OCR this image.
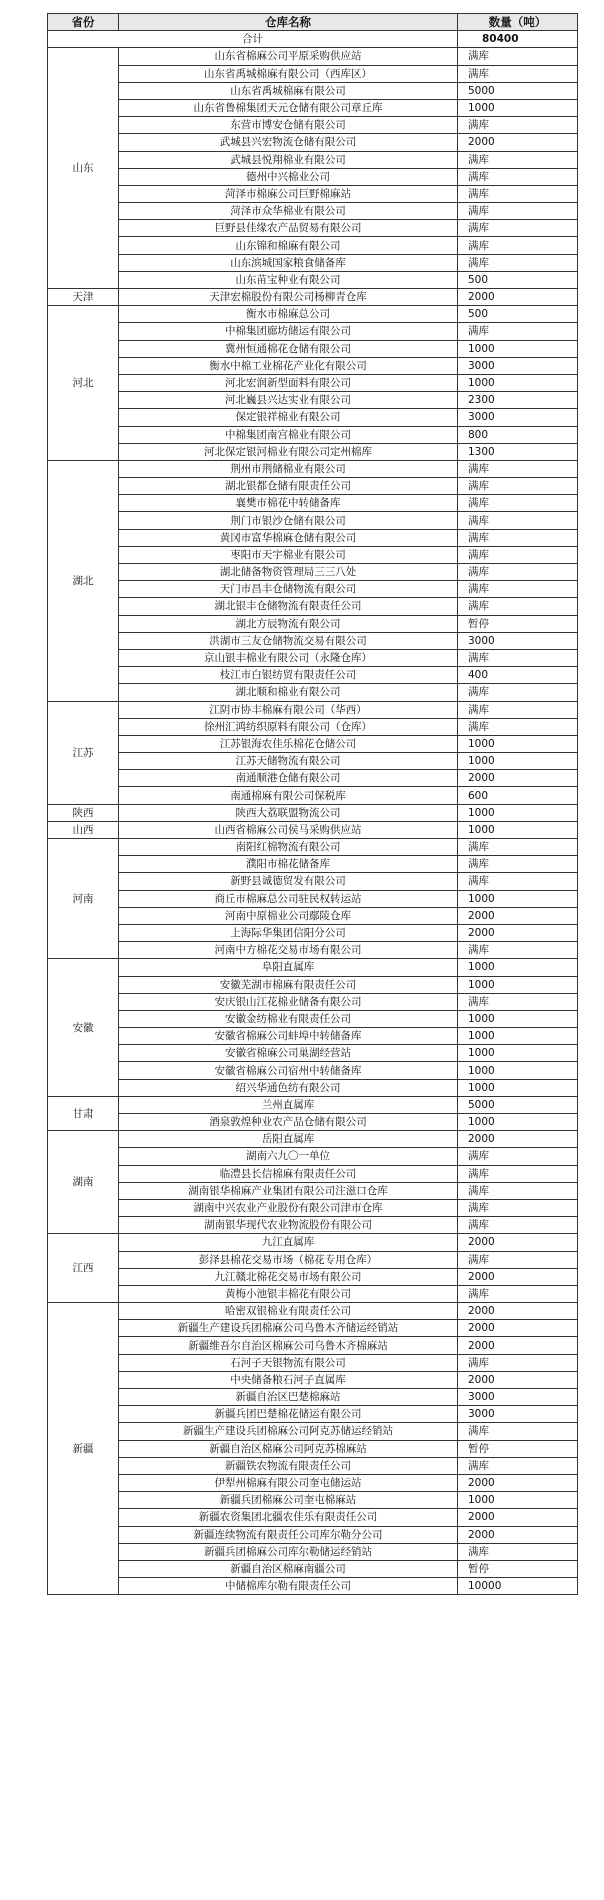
省份	仓库名称	数量（吨）
合计		80400
山东	山东省棉麻公司平原采购供应站	满库
	山东省禹城棉麻有限公司（西库区）	满库
	山东省禹城棉麻有限公司	5000
	山东省鲁棉集团天元仓储有限公司章丘库	1000
	东营市博安仓储有限公司	满库
	武城县兴宏物流仓储有限公司	2000
	武城县悦翔棉业有限公司	满库
	德州中兴棉业公司	满库
	菏泽市棉麻公司巨野棉麻站	满库
	菏泽市众华棉业有限公司	满库
	巨野县佳缘农产品贸易有限公司	满库
	山东锦和棉麻有限公司	满库
	山东滨城国家粮食储备库	满库
	山东苗宝种业有限公司	500
天津	天津宏棉股份有限公司杨柳青仓库	2000
河北	衡水市棉麻总公司	500
	中棉集团廊坊储运有限公司	满库
	冀州恒通棉花仓储有限公司	1000
	衡水中棉工业棉花产业化有限公司	3000
	河北宏润新型面料有限公司	1000
	河北巍县兴达实业有限公司	2300
	保定银祥棉业有限公司	3000
	中棉集团南宫棉业有限公司	800
	河北保定银河棉业有限公司定州棉库	1300
湖北	荆州市荆储棉业有限公司	满库
	湖北银都仓储有限责任公司	满库
	襄樊市棉花中转储备库	满库
	荆门市银沙仓储有限公司	满库
	黄冈市富华棉麻仓储有限公司	满库
	枣阳市天宇棉业有限公司	满库
	湖北储备物资管理局三三八处	满库
	天门市昌丰仓储物流有限公司	满库
	湖北银丰仓储物流有限责任公司	满库
	湖北方辰物流有限公司	暂停
	洪湖市三友仓储物流交易有限公司	3000
	京山银丰棉业有限公司（永隆仓库）	满库
	枝江市白银纺贸有限责任公司	400
	湖北顺和棉业有限公司	满库
江苏	江阴市协丰棉麻有限公司（华西）	满库
	徐州汇鸿纺织原料有限公司（仓库）	满库
	江苏银海农佳乐棉花仓储公司	1000
	江苏天储物流有限公司	1000
	南通顺港仓储有限公司	2000
	南通棉麻有限公司保税库	600
陕西	陕西大荔联盟物流公司	1000
山西	山西省棉麻公司侯马采购供应站	1000
河南	南阳红棉物流有限公司	满库
	濮阳市棉花储备库	满库
	新野县诚德贸发有限公司	满库
	商丘市棉麻总公司驻民权转运站	1000
	河南中原棉业公司鄢陵仓库	2000
	上海际华集团信阳分公司	2000
	河南中方棉花交易市场有限公司	满库
安徽	阜阳直属库	1000
	安徽芜湖市棉麻有限责任公司	1000
	安庆银山江花棉业储备有限公司	满库
	安徽金纺棉业有限责任公司	1000
	安徽省棉麻公司蚌埠中转储备库	1000
	安徽省棉麻公司巢湖经营站	1000
	安徽省棉麻公司宿州中转储备库	1000
	绍兴华通色纺有限公司	1000
甘肃	兰州直属库	5000
	酒泉敦煌种业农产品仓储有限公司	1000
湖南	岳阳直属库	2000
	湖南六九〇一单位	满库
	临澧县长信棉麻有限责任公司	满库
	湖南银华棉麻产业集团有限公司注滋口仓库	满库
	湖南中兴农业产业股份有限公司津市仓库	满库
	湖南银华现代农业物流股份有限公司	满库
江西	九江直属库	2000
	彭泽县棉花交易市场（棉花专用仓库）	满库
	九江赣北棉花交易市场有限公司	2000
	黄梅小池银丰棉花有限公司	满库
新疆	哈密双银棉业有限责任公司	2000
	新疆生产建设兵团棉麻公司乌鲁木齐储运经销站	2000
	新疆维吾尔自治区棉麻公司乌鲁木齐棉麻站	2000
	石河子天银物流有限公司	满库
	中央储备粮石河子直属库	2000
	新疆自治区巴楚棉麻站	3000
	新疆兵团巴楚棉花储运有限公司	3000
	新疆生产建设兵团棉麻公司阿克苏储运经销站	满库
	新疆自治区棉麻公司阿克苏棉麻站	暂停
	新疆铁农物流有限责任公司	满库
	伊犁州棉麻有限公司奎屯储运站	2000
	新疆兵团棉麻公司奎屯棉麻站	1000
	新疆农资集团北疆农佳乐有限责任公司	2000
	新疆连续物流有限责任公司库尔勒分公司	2000
	新疆兵团棉麻公司库尔勒储运经销站	满库
	新疆自治区棉麻南疆公司	暂停
	中储棉库尔勒有限责任公司	10000
